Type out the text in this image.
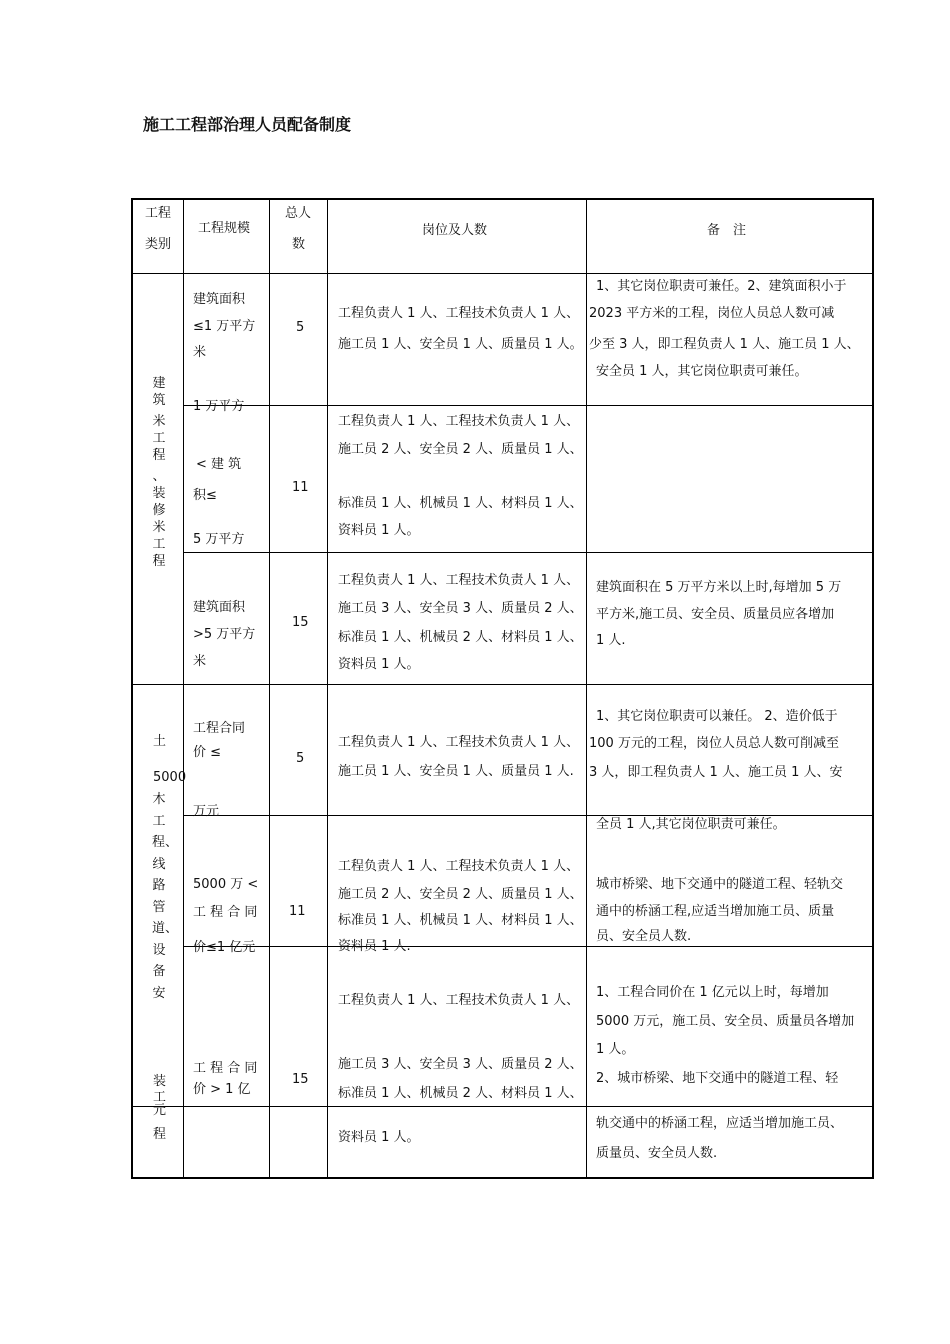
施工工程部治理人员配备制度
工程
类别
工程规模
总人
数
岗位及人数	备　注
建筑
米工程
、装修米工程
建筑面积
≤1 万平方
米
5
工程负责人 1 人、工程技术负责人 1 人、
施工员 1 人、安全员 1 人、质量员 1 人。
1、其它岗位职责可兼任。2、建筑面积小于
2023 平方米的工程，岗位人员总人数可减
少至 3 人，即工程负责人 1 人、施工员 1 人、
安全员 1 人，其它岗位职责可兼任。
1 万平方
< 建 筑
积≤
5 万平方
11
工程负责人 1 人、工程技术负责人 1 人、
施工员 2 人、安全员 2 人、质量员 1 人、
标准员 1 人、机械员 1 人、材料员 1 人、
资料员 1 人。
建筑面积
>5 万平方
米
15
工程负责人 1 人、工程技术负责人 1 人、
施工员 3 人、安全员 3 人、质量员 2 人、
标准员 1 人、机械员 2 人、材料员 1 人、
资料员 1 人。
建筑面积在 5 万平方米以上时,每增加 5 万
平方米,施工员、安全员、质量员应各增加
1 人.
土
5000
木工程、线路管道、设备安
装工
元
程
工程合同
价 ≤
万元
5
工程负责人 1 人、工程技术负责人 1 人、
施工员 1 人、安全员 1 人、质量员 1 人.
1、其它岗位职责可以兼任。 2、造价低于
100 万元的工程，岗位人员总人数可削减至
3 人，即工程负责人 1 人、施工员 1 人、安
全员 1 人,其它岗位职责可兼任。
5000 万 <
工 程 合 同
价≤1 亿元
11
工程负责人 1 人、工程技术负责人 1 人、
施工员 2 人、安全员 2 人、质量员 1 人、
标准员 1 人、机械员 1 人、材料员 1 人、
资料员 1 人.
城市桥梁、地下交通中的隧道工程、轻轨交
通中的桥涵工程,应适当增加施工员、质量
员、安全员人数.
工 程 合 同
价 > 1 亿
15
工程负责人 1 人、工程技术负责人 1 人、
施工员 3 人、安全员 3 人、质量员 2 人、
标准员 1 人、机械员 2 人、材料员 1 人、
1、工程合同价在 1 亿元以上时，每增加
5000 万元，施工员、安全员、质量员各增加
1 人。
2、城市桥梁、地下交通中的隧道工程、轻
资料员 1 人。
轨交通中的桥涵工程，应适当增加施工员、
质量员、安全员人数.
